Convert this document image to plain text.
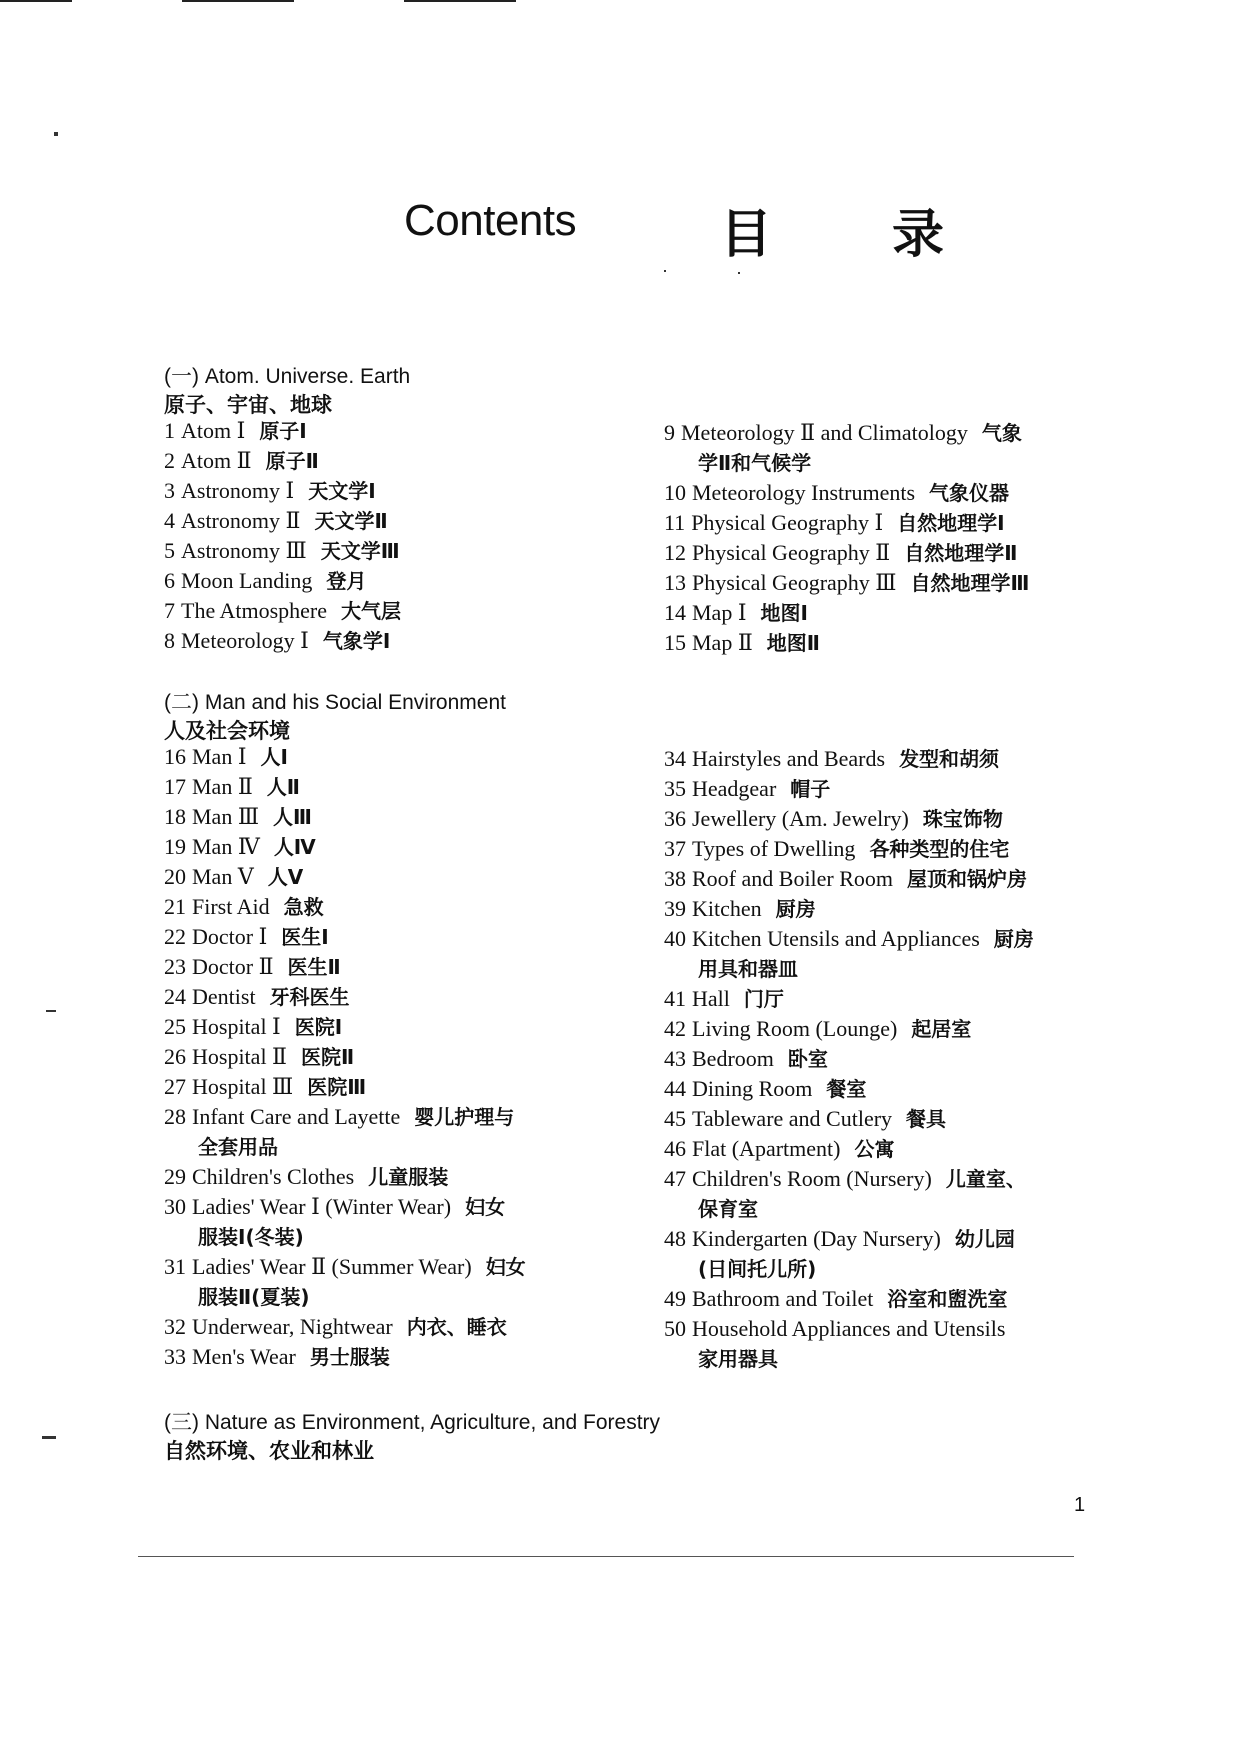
Contents	目　录
(一) Atom. Universe. Earth
原子、宇宙、地球
1 Atom Ⅰ 原子Ⅰ
2 Atom Ⅱ 原子Ⅱ
3 Astronomy Ⅰ 天文学Ⅰ
4 Astronomy Ⅱ 天文学Ⅱ
5 Astronomy Ⅲ 天文学Ⅲ
6 Moon Landing 登月
7 The Atmosphere 大气层
8 Meteorology Ⅰ 气象学Ⅰ
9 Meteorology Ⅱ and Climatology 气象
学Ⅱ和气候学
10 Meteorology Instruments 气象仪器
11 Physical Geography Ⅰ 自然地理学Ⅰ
12 Physical Geography Ⅱ 自然地理学Ⅱ
13 Physical Geography Ⅲ 自然地理学Ⅲ
14 Map Ⅰ 地图Ⅰ
15 Map Ⅱ 地图Ⅱ
(二) Man and his Social Environment
人及社会环境
16 Man Ⅰ 人Ⅰ
17 Man Ⅱ 人Ⅱ
18 Man Ⅲ 人Ⅲ
19 Man Ⅳ 人Ⅳ
20 Man Ⅴ 人Ⅴ
21 First Aid 急救
22 Doctor Ⅰ 医生Ⅰ
23 Doctor Ⅱ 医生Ⅱ
24 Dentist 牙科医生
25 Hospital Ⅰ 医院Ⅰ
26 Hospital Ⅱ 医院Ⅱ
27 Hospital Ⅲ 医院Ⅲ
28 Infant Care and Layette 婴儿护理与
全套用品
29 Children's Clothes 儿童服装
30 Ladies' Wear Ⅰ (Winter Wear) 妇女
服装Ⅰ(冬装)
31 Ladies' Wear Ⅱ (Summer Wear) 妇女
服装Ⅱ(夏装)
32 Underwear, Nightwear 内衣、睡衣
33 Men's Wear 男士服装
34 Hairstyles and Beards 发型和胡须
35 Headgear 帽子
36 Jewellery (Am. Jewelry) 珠宝饰物
37 Types of Dwelling 各种类型的住宅
38 Roof and Boiler Room 屋顶和锅炉房
39 Kitchen 厨房
40 Kitchen Utensils and Appliances 厨房
用具和器皿
41 Hall 门厅
42 Living Room (Lounge) 起居室
43 Bedroom 卧室
44 Dining Room 餐室
45 Tableware and Cutlery 餐具
46 Flat (Apartment) 公寓
47 Children's Room (Nursery) 儿童室、
保育室
48 Kindergarten (Day Nursery) 幼儿园
(日间托儿所)
49 Bathroom and Toilet 浴室和盥洗室
50 Household Appliances and Utensils
家用器具
(三) Nature as Environment, Agriculture, and Forestry
自然环境、农业和林业
1
